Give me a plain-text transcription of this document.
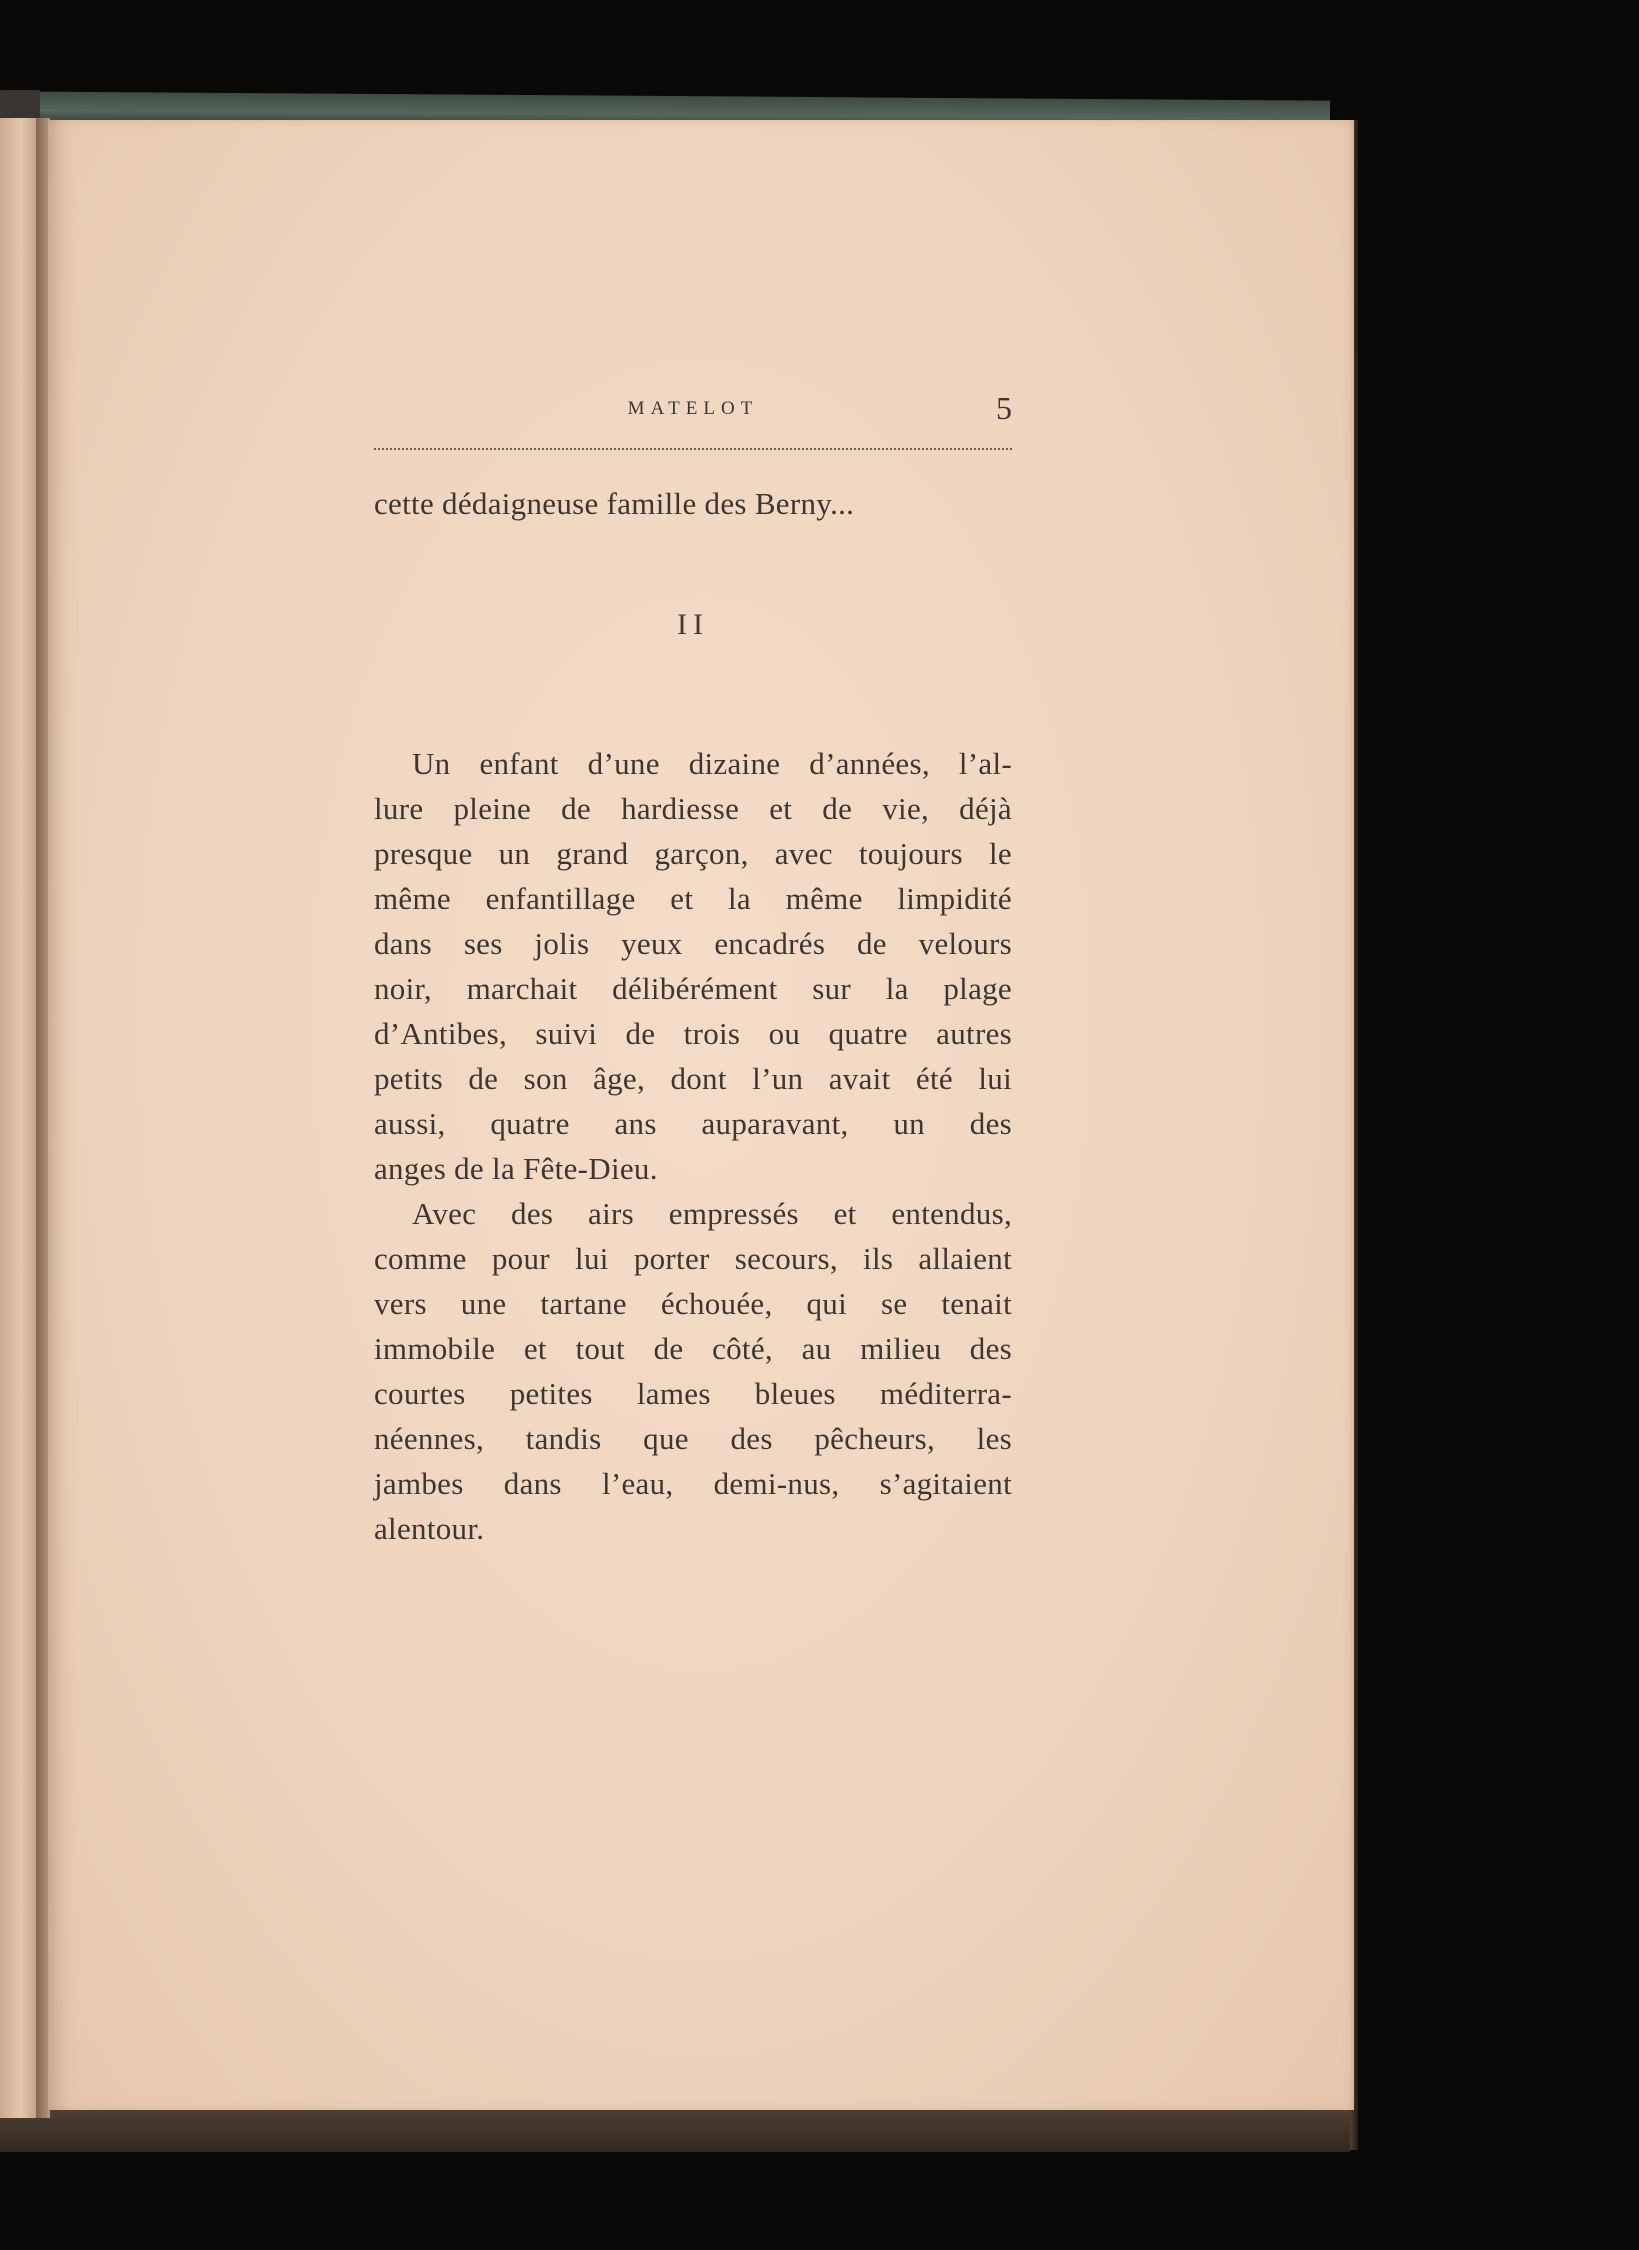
MATELOT	5
cette dédaigneuse famille des Berny...
II
Un enfant d’une dizaine d’années, l’al-
lure pleine de hardiesse et de vie, déjà
presque un grand garçon, avec toujours le
même enfantillage et la même limpidité
dans ses jolis yeux encadrés de velours
noir, marchait délibérément sur la plage
d’Antibes, suivi de trois ou quatre autres
petits de son âge, dont l’un avait été lui
aussi, quatre ans auparavant, un des
anges de la Fête-Dieu.
Avec des airs empressés et entendus,
comme pour lui porter secours, ils allaient
vers une tartane échouée, qui se tenait
immobile et tout de côté, au milieu des
courtes petites lames bleues méditerra-
néennes, tandis que des pêcheurs, les
jambes dans l’eau, demi-nus, s’agitaient
alentour.
